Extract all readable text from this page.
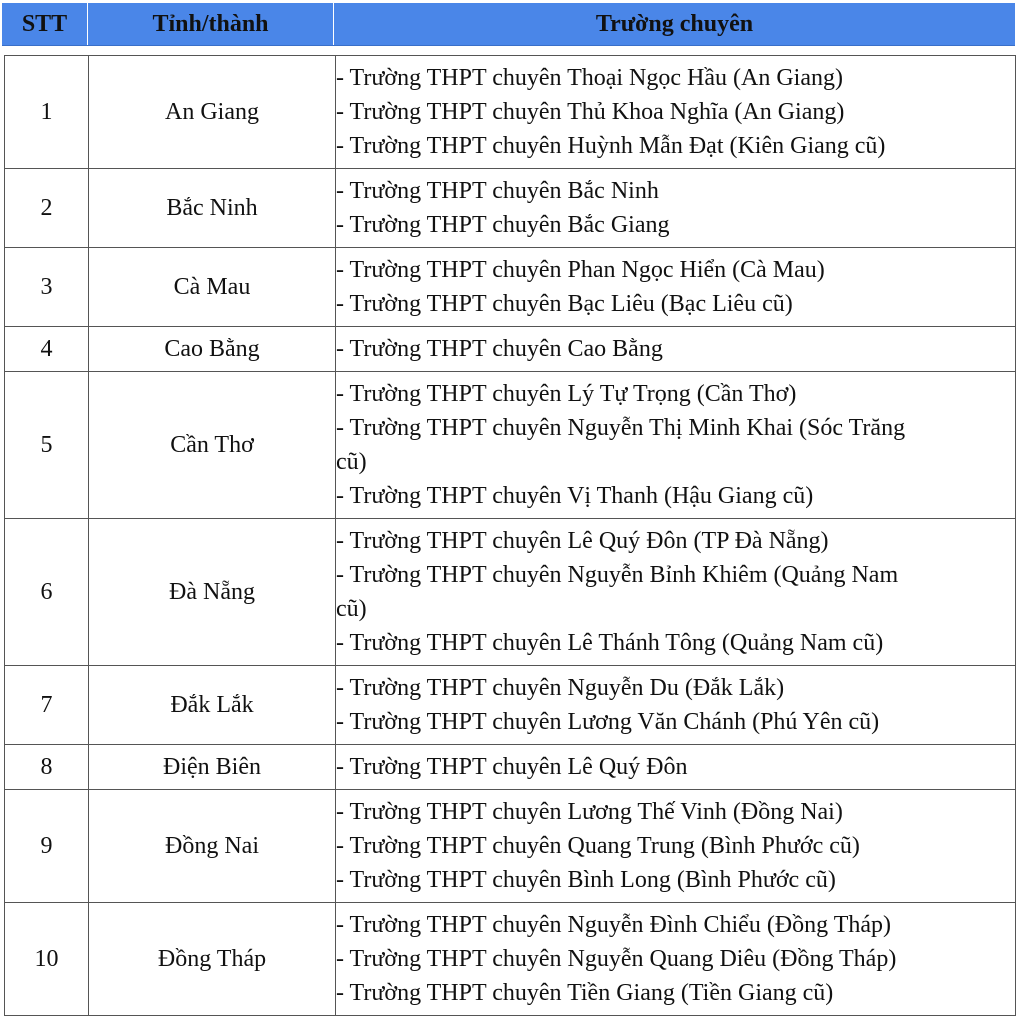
STT	Tỉnh/thành	Trường chuyên
1	An Giang	- Trường THPT chuyên Thoại Ngọc Hầu (An Giang)
- Trường THPT chuyên Thủ Khoa Nghĩa (An Giang)
- Trường THPT chuyên Huỳnh Mẫn Đạt (Kiên Giang cũ)

2	Bắc Ninh	- Trường THPT chuyên Bắc Ninh
- Trường THPT chuyên Bắc Giang

3	Cà Mau	- Trường THPT chuyên Phan Ngọc Hiển (Cà Mau)
- Trường THPT chuyên Bạc Liêu (Bạc Liêu cũ)

4	Cao Bằng	- Trường THPT chuyên Cao Bằng

5	Cần Thơ	- Trường THPT chuyên Lý Tự Trọng (Cần Thơ)
- Trường THPT chuyên Nguyễn Thị Minh Khai (Sóc Trăng
cũ)
- Trường THPT chuyên Vị Thanh (Hậu Giang cũ)

6	Đà Nẵng	- Trường THPT chuyên Lê Quý Đôn (TP Đà Nẵng)
- Trường THPT chuyên Nguyễn Bỉnh Khiêm (Quảng Nam
cũ)
- Trường THPT chuyên Lê Thánh Tông (Quảng Nam cũ)

7	Đắk Lắk	- Trường THPT chuyên Nguyễn Du (Đắk Lắk)
- Trường THPT chuyên Lương Văn Chánh (Phú Yên cũ)

8	Điện Biên	- Trường THPT chuyên Lê Quý Đôn

9	Đồng Nai	- Trường THPT chuyên Lương Thế Vinh (Đồng Nai)
- Trường THPT chuyên Quang Trung (Bình Phước cũ)
- Trường THPT chuyên Bình Long (Bình Phước cũ)

10	Đồng Tháp	- Trường THPT chuyên Nguyễn Đình Chiểu (Đồng Tháp)
- Trường THPT chuyên Nguyễn Quang Diêu (Đồng Tháp)
- Trường THPT chuyên Tiền Giang (Tiền Giang cũ)
